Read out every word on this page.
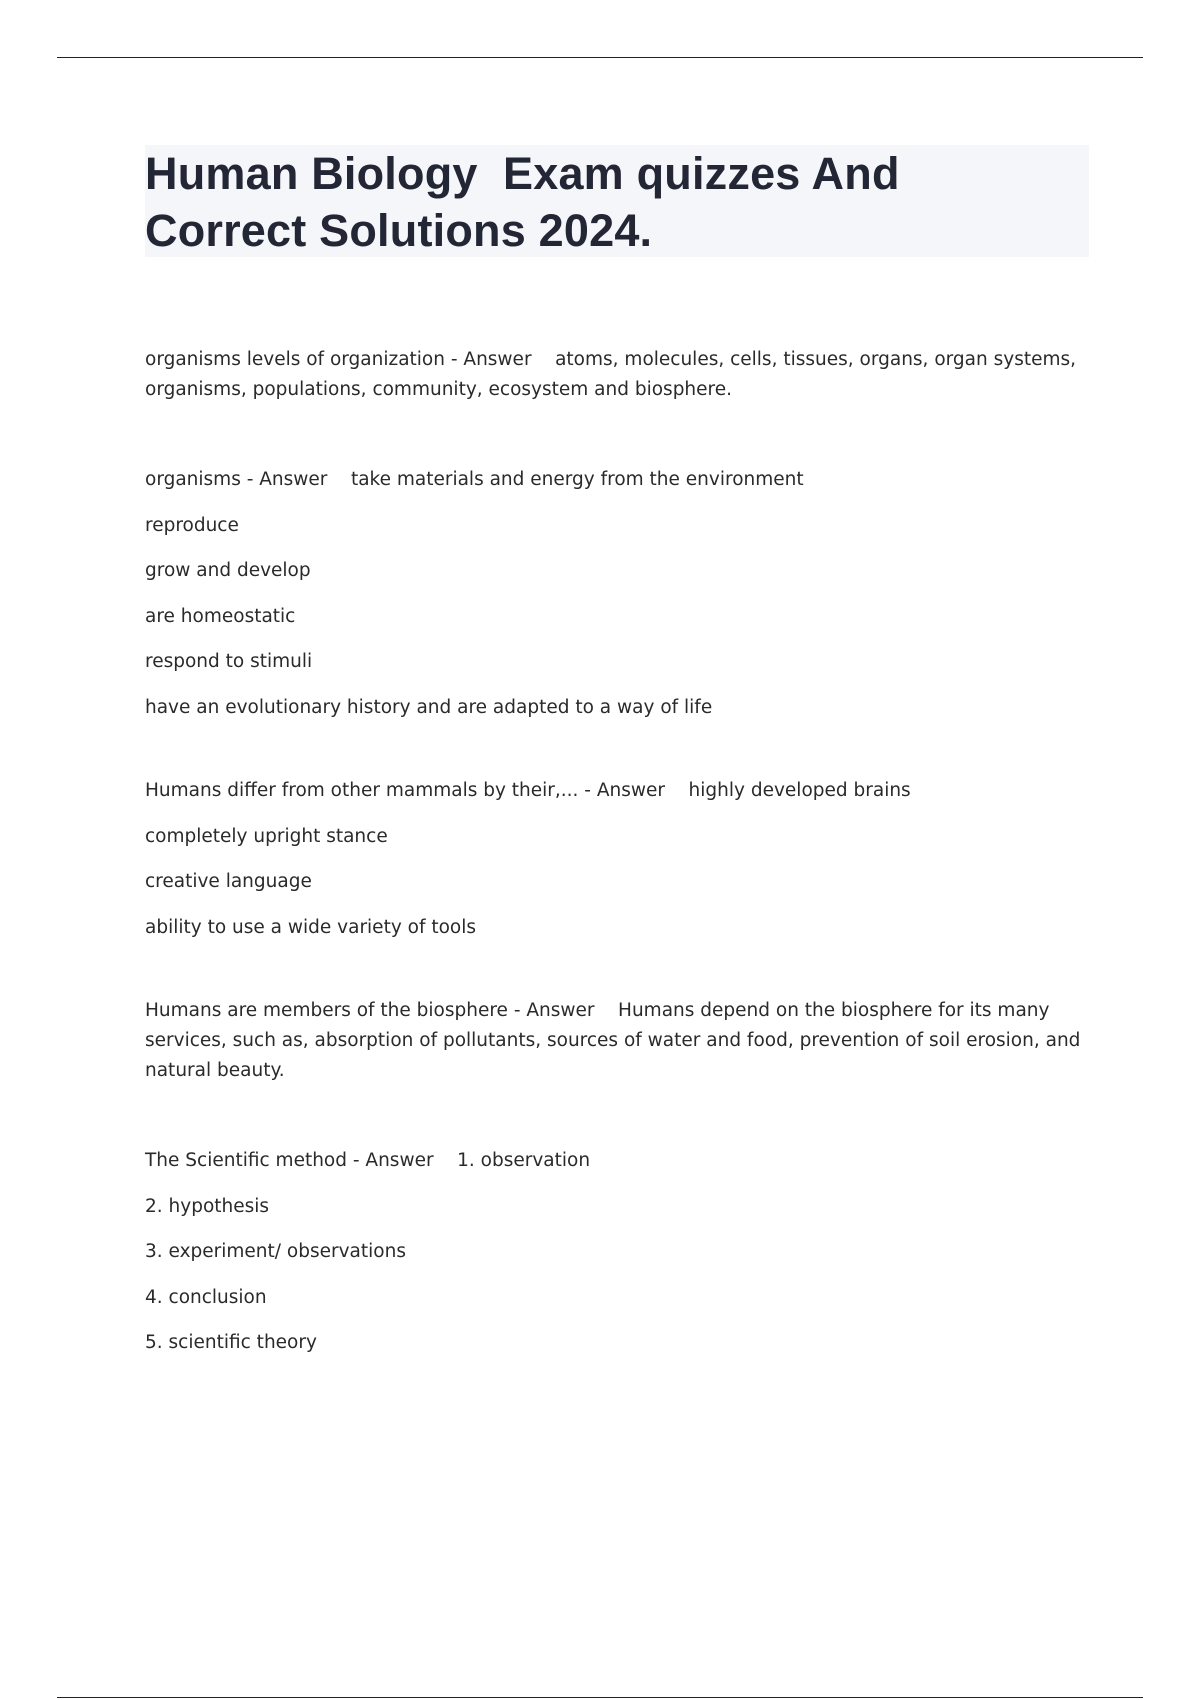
Human Biology  Exam quizzes And
Correct Solutions 2024.

organisms levels of organization - Answer atoms, molecules, cells, tissues, organs, organ systems,
organisms, populations, community, ecosystem and biosphere.

organisms - Answer take materials and energy from the environment

reproduce

grow and develop

are homeostatic

respond to stimuli

have an evolutionary history and are adapted to a way of life

Humans differ from other mammals by their,... - Answer highly developed brains

completely upright stance

creative language

ability to use a wide variety of tools

Humans are members of the biosphere - Answer Humans depend on the biosphere for its many
services, such as, absorption of pollutants, sources of water and food, prevention of soil erosion, and
natural beauty.

The Scientific method - Answer 1. observation

2. hypothesis

3. experiment/ observations

4. conclusion

5. scientific theory
